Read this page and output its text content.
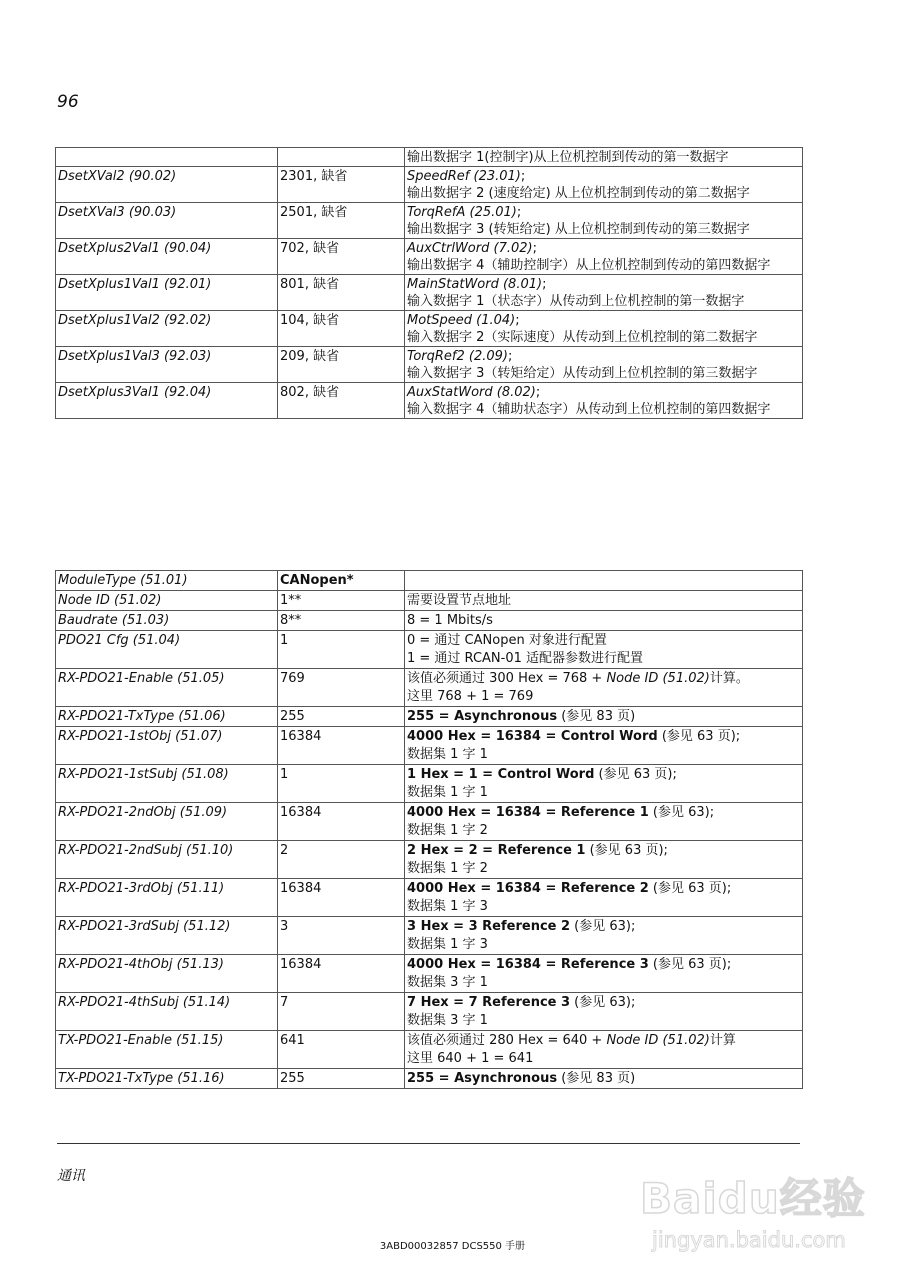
96
		输出数据字 1(控制字)从上位机控制到传动的第一数据字
DsetXVal2 (90.02)	2301, 缺省	SpeedRef (23.01);
输出数据字 2 (速度给定) 从上位机控制到传动的第二数据字
DsetXVal3 (90.03)	2501, 缺省	TorqRefA (25.01);
输出数据字 3 (转矩给定) 从上位机控制到传动的第三数据字
DsetXplus2Val1 (90.04)	702, 缺省	AuxCtrlWord (7.02);
输出数据字 4（辅助控制字）从上位机控制到传动的第四数据字
DsetXplus1Val1 (92.01)	801, 缺省	MainStatWord (8.01);
输入数据字 1（状态字）从传动到上位机控制的第一数据字
DsetXplus1Val2 (92.02)	104, 缺省	MotSpeed (1.04);
输入数据字 2（实际速度）从传动到上位机控制的第二数据字
DsetXplus1Val3 (92.03)	209, 缺省	TorqRef2 (2.09);
输入数据字 3（转矩给定）从传动到上位机控制的第三数据字
DsetXplus3Val1 (92.04)	802, 缺省	AuxStatWord (8.02);
输入数据字 4（辅助状态字）从传动到上位机控制的第四数据字
ModuleType (51.01)	CANopen*	
Node ID (51.02)	1**	需要设置节点地址
Baudrate (51.03)	8**	8 = 1 Mbits/s
PDO21 Cfg (51.04)	1	0 = 通过 CANopen 对象进行配置
1 = 通过 RCAN-01 适配器参数进行配置
RX-PDO21-Enable (51.05)	769	该值必须通过 300 Hex = 768 + Node ID (51.02)计算。
这里 768 + 1 = 769
RX-PDO21-TxType (51.06)	255	255 = Asynchronous (参见 83 页)
RX-PDO21-1stObj (51.07)	16384	4000 Hex = 16384 = Control Word (参见 63 页);
数据集 1 字 1
RX-PDO21-1stSubj (51.08)	1	1 Hex = 1 = Control Word (参见 63 页);
数据集 1 字 1
RX-PDO21-2ndObj (51.09)	16384	4000 Hex = 16384 = Reference 1 (参见 63);
数据集 1 字 2
RX-PDO21-2ndSubj (51.10)	2	2 Hex = 2 = Reference 1 (参见 63 页);
数据集 1 字 2
RX-PDO21-3rdObj (51.11)	16384	4000 Hex = 16384 = Reference 2 (参见 63 页);
数据集 1 字 3
RX-PDO21-3rdSubj (51.12)	3	3 Hex = 3 Reference 2 (参见 63);
数据集 1 字 3
RX-PDO21-4thObj (51.13)	16384	4000 Hex = 16384 = Reference 3 (参见 63 页);
数据集 3 字 1
RX-PDO21-4thSubj (51.14)	7	7 Hex = 7 Reference 3 (参见 63);
数据集 3 字 1
TX-PDO21-Enable (51.15)	641	该值必须通过 280 Hex = 640 + Node ID (51.02)计算
这里 640 + 1 = 641
TX-PDO21-TxType (51.16)	255	255 = Asynchronous (参见 83 页)
通讯
3ABD00032857 DCS550 手册
Baidu经验
jingyan.baidu.com
